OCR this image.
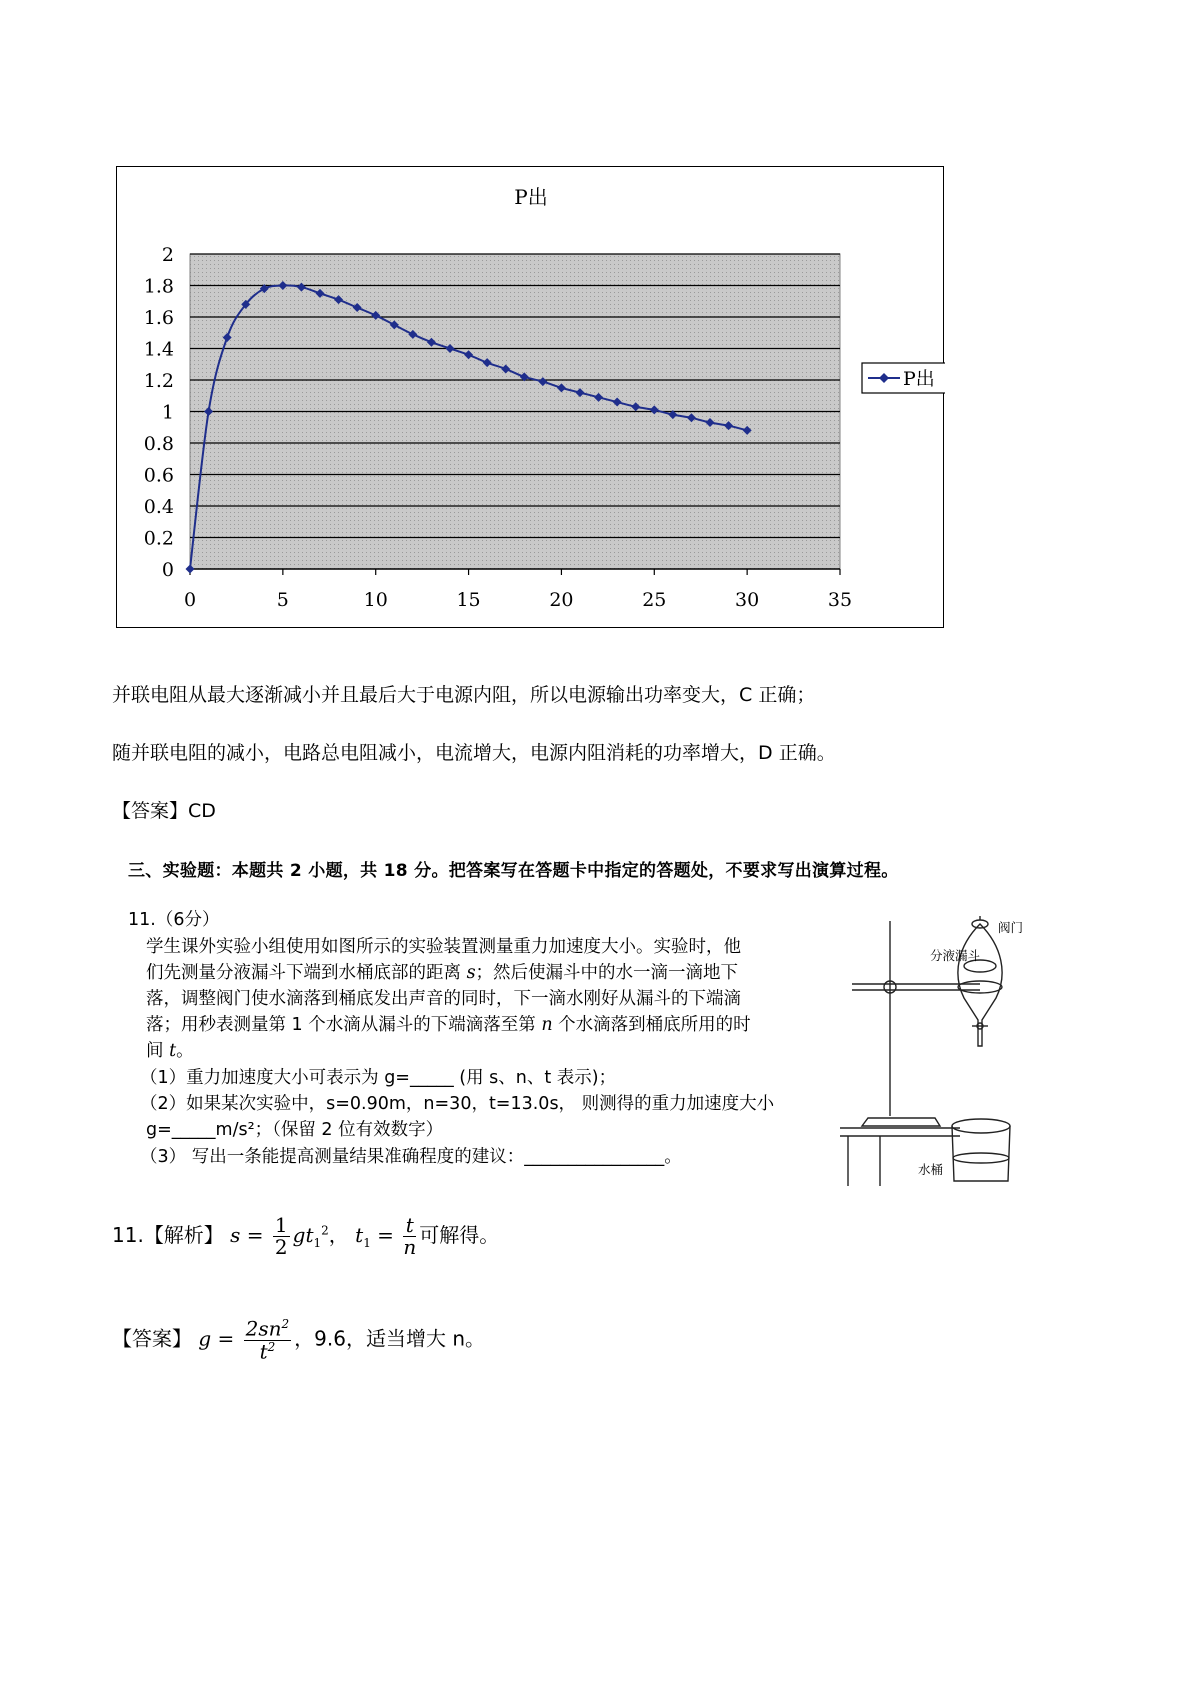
0
0.2
0.4
0.6
0.8
1
1.2
1.4
1.6
1.8
2
0	5	10	15	20	25	30	35
P出
P出
并联电阻从最大逐渐减小并且最后大于电源内阻，所以电源输出功率变大，C 正确；
随并联电阻的减小，电路总电阻减小，电流增大，电源内阻消耗的功率增大，D 正确。
【答案】CD
三、实验题：本题共 2 小题，共 18 分。把答案写在答题卡中指定的答题处，不要求写出演算过程。
11.（6分）
学生课外实验小组使用如图所示的实验装置测量重力加速度大小。实验时，他
们先测量分液漏斗下端到水桶底部的距离 s；然后使漏斗中的水一滴一滴地下
落，调整阀门使水滴落到桶底发出声音的同时，下一滴水刚好从漏斗的下端滴
落；用秒表测量第 1 个水滴从漏斗的下端滴落至第 n 个水滴落到桶底所用的时
间 t。
（1）重力加速度大小可表示为 g=_____ (用 s、n、t 表示)；
（2）如果某次实验中，s=0.90m，n=30，t=13.0s， 则测得的重力加速度大小
g=_____m/s²；（保留 2 位有效数字）
（3） 写出一条能提高测量结果准确程度的建议：________________。
阀门
分液漏斗
水桶
11.【解析】 $s = \frac{1}{2} gt_1^2$， $t_1 = \frac{t}{n}$ 可解得。
【答案】 $g = \frac{2sn^2}{t^2}$ ，9.6，适当增大 n。
